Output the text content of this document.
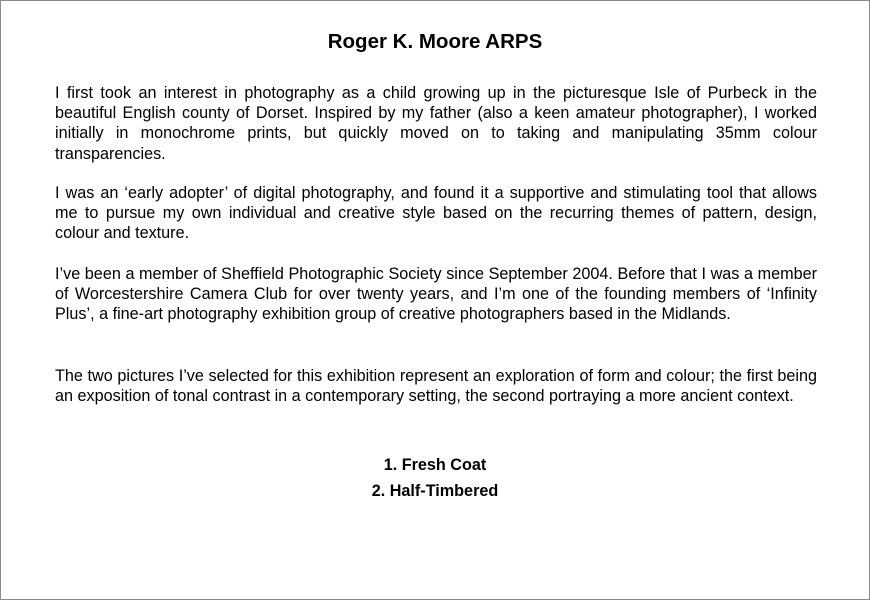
Roger K. Moore ARPS

I first took an interest in photography as a child growing up in the picturesque Isle of Purbeck in the beautiful English county of Dorset. Inspired by my father (also a keen amateur photographer), I worked initially in monochrome prints, but quickly moved on to taking and manipulating 35mm colour transparencies.

I was an ‘early adopter’ of digital photography, and found it a supportive and stimulating tool that allows me to pursue my own individual and creative style based on the recurring themes of pattern, design, colour and texture.

I’ve been a member of Sheffield Photographic Society since September 2004. Before that I was a member of Worcestershire Camera Club for over twenty years, and I’m one of the founding members of ‘Infinity Plus’, a fine-art photography exhibition group of creative photographers based in the Midlands.

The two pictures I’ve selected for this exhibition represent an exploration of form and colour; the first being an exposition of tonal contrast in a contemporary setting, the second portraying a more ancient context.

1. Fresh Coat
2. Half-Timbered
